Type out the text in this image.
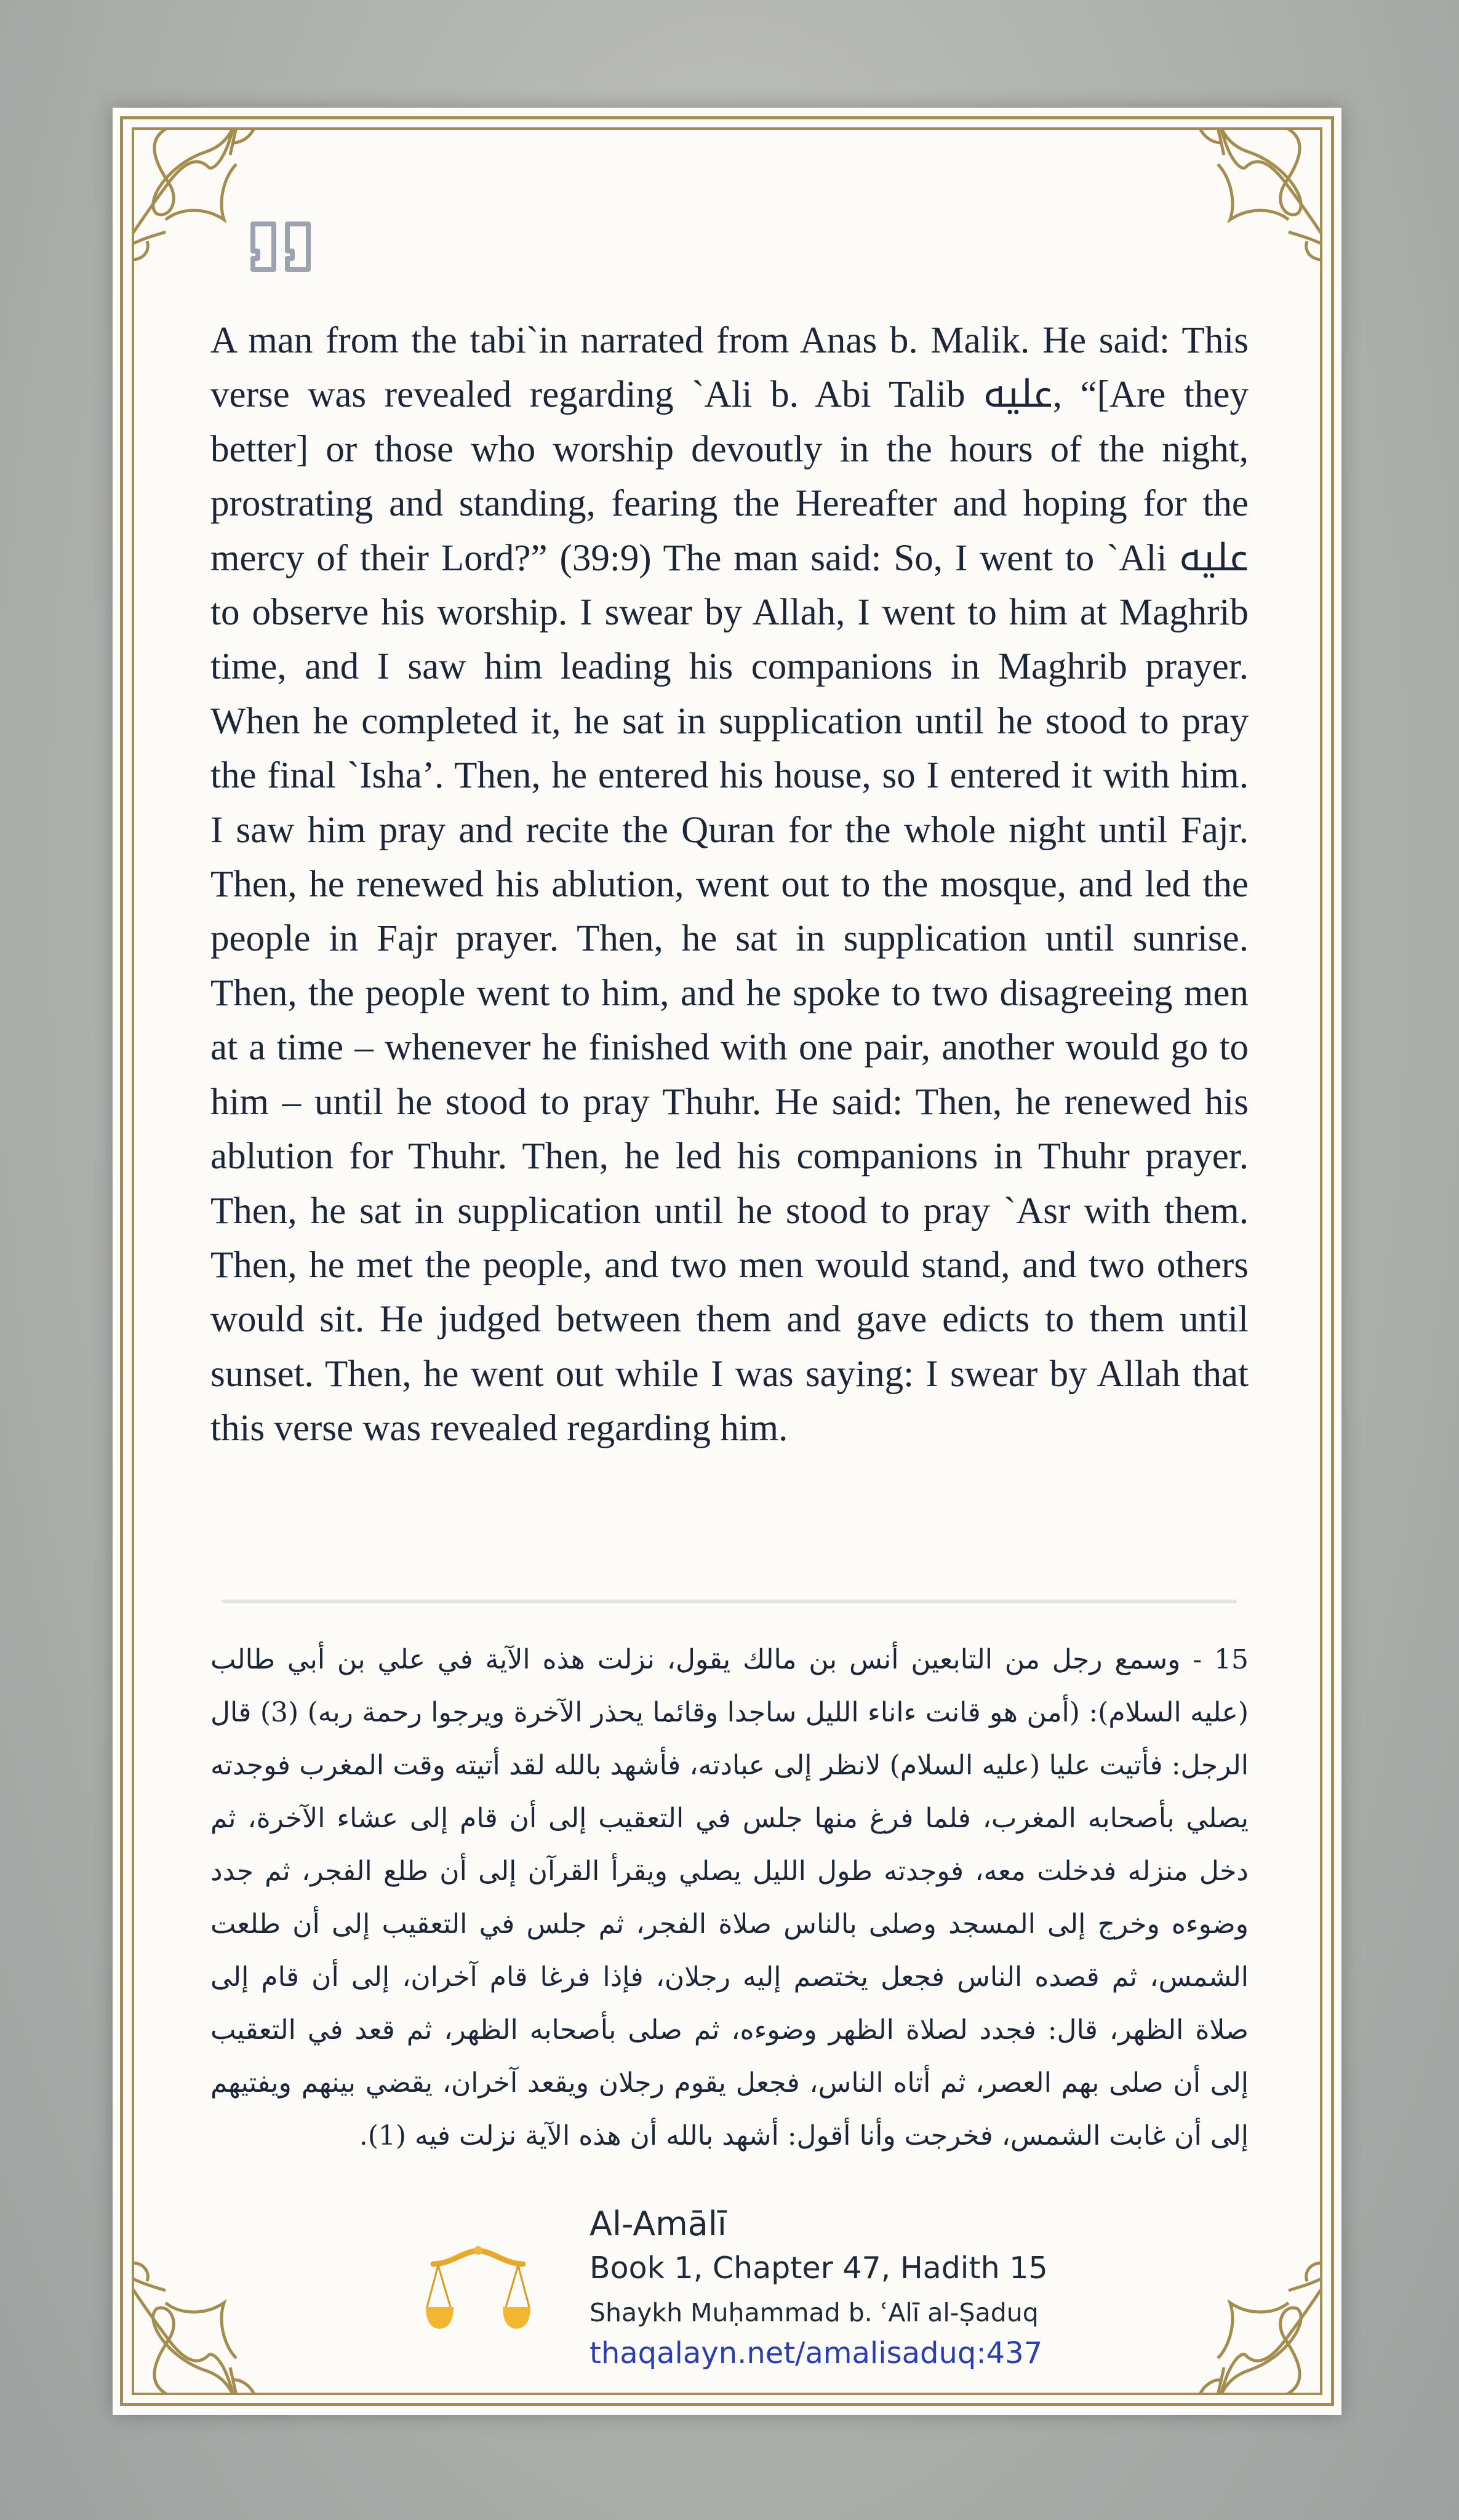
A man from the tabi`in narrated from Anas b. Malik. He said: This verse was revealed regarding `Ali b. Abi Talib ﷷ, “[Are they better] or those who worship devoutly in the hours of the night, prostrating and standing, fearing the Hereafter and hoping for the mercy of their Lord?” (39:9) The man said: So, I went to `Ali ﷷ to observe his worship. I swear by Allah, I went to him at Maghrib time, and I saw him leading his companions in Maghrib prayer. When he completed it, he sat in supplication until he stood to pray the final `Isha’. Then, he entered his house, so I entered it with him. I saw him pray and recite the Quran for the whole night until Fajr. Then, he renewed his ablution, went out to the mosque, and led the people in Fajr prayer. Then, he sat in supplication until sunrise. Then, the people went to him, and he spoke to two disagreeing men at a time – whenever he finished with one pair, another would go to him – until he stood to pray Thuhr. He said: Then, he renewed his ablution for Thuhr. Then, he led his companions in Thuhr prayer. Then, he sat in supplication until he stood to pray `Asr with them. Then, he met the people, and two men would stand, and two others would sit. He judged between them and gave edicts to them until sunset. Then, he went out while I was saying: I swear by Allah that this verse was revealed regarding him.

15 - وسمع رجل من التابعين أنس بن مالك يقول، نزلت هذه الآية في علي بن أبي طالب (عليه السلام): (أمن هو قانت ءاناء الليل ساجدا وقائما يحذر الآخرة ويرجوا رحمة ربه) (3) قال الرجل: فأتيت عليا (عليه السلام) لانظر إلى عبادته، فأشهد بالله لقد أتيته وقت المغرب فوجدته يصلي بأصحابه المغرب، فلما فرغ منها جلس في التعقيب إلى أن قام إلى عشاء الآخرة، ثم دخل منزله فدخلت معه، فوجدته طول الليل يصلي ويقرأ القرآن إلى أن طلع الفجر، ثم جدد وضوءه وخرج إلى المسجد وصلى بالناس صلاة الفجر، ثم جلس في التعقيب إلى أن طلعت الشمس، ثم قصده الناس فجعل يختصم إليه رجلان، فإذا فرغا قام آخران، إلى أن قام إلى صلاة الظهر، قال: فجدد لصلاة الظهر وضوءه، ثم صلى بأصحابه الظهر، ثم قعد في التعقيب إلى أن صلى بهم العصر، ثم أتاه الناس، فجعل يقوم رجلان ويقعد آخران، يقضي بينهم ويفتيهم إلى أن غابت الشمس، فخرجت وأنا أقول: أشهد بالله أن هذه الآية نزلت فيه (1).

Al-Amālī
Book 1, Chapter 47, Hadith 15
Shaykh Muḥammad b. ʿAlī al-Ṣaduq
thaqalayn.net/amalisaduq:437
